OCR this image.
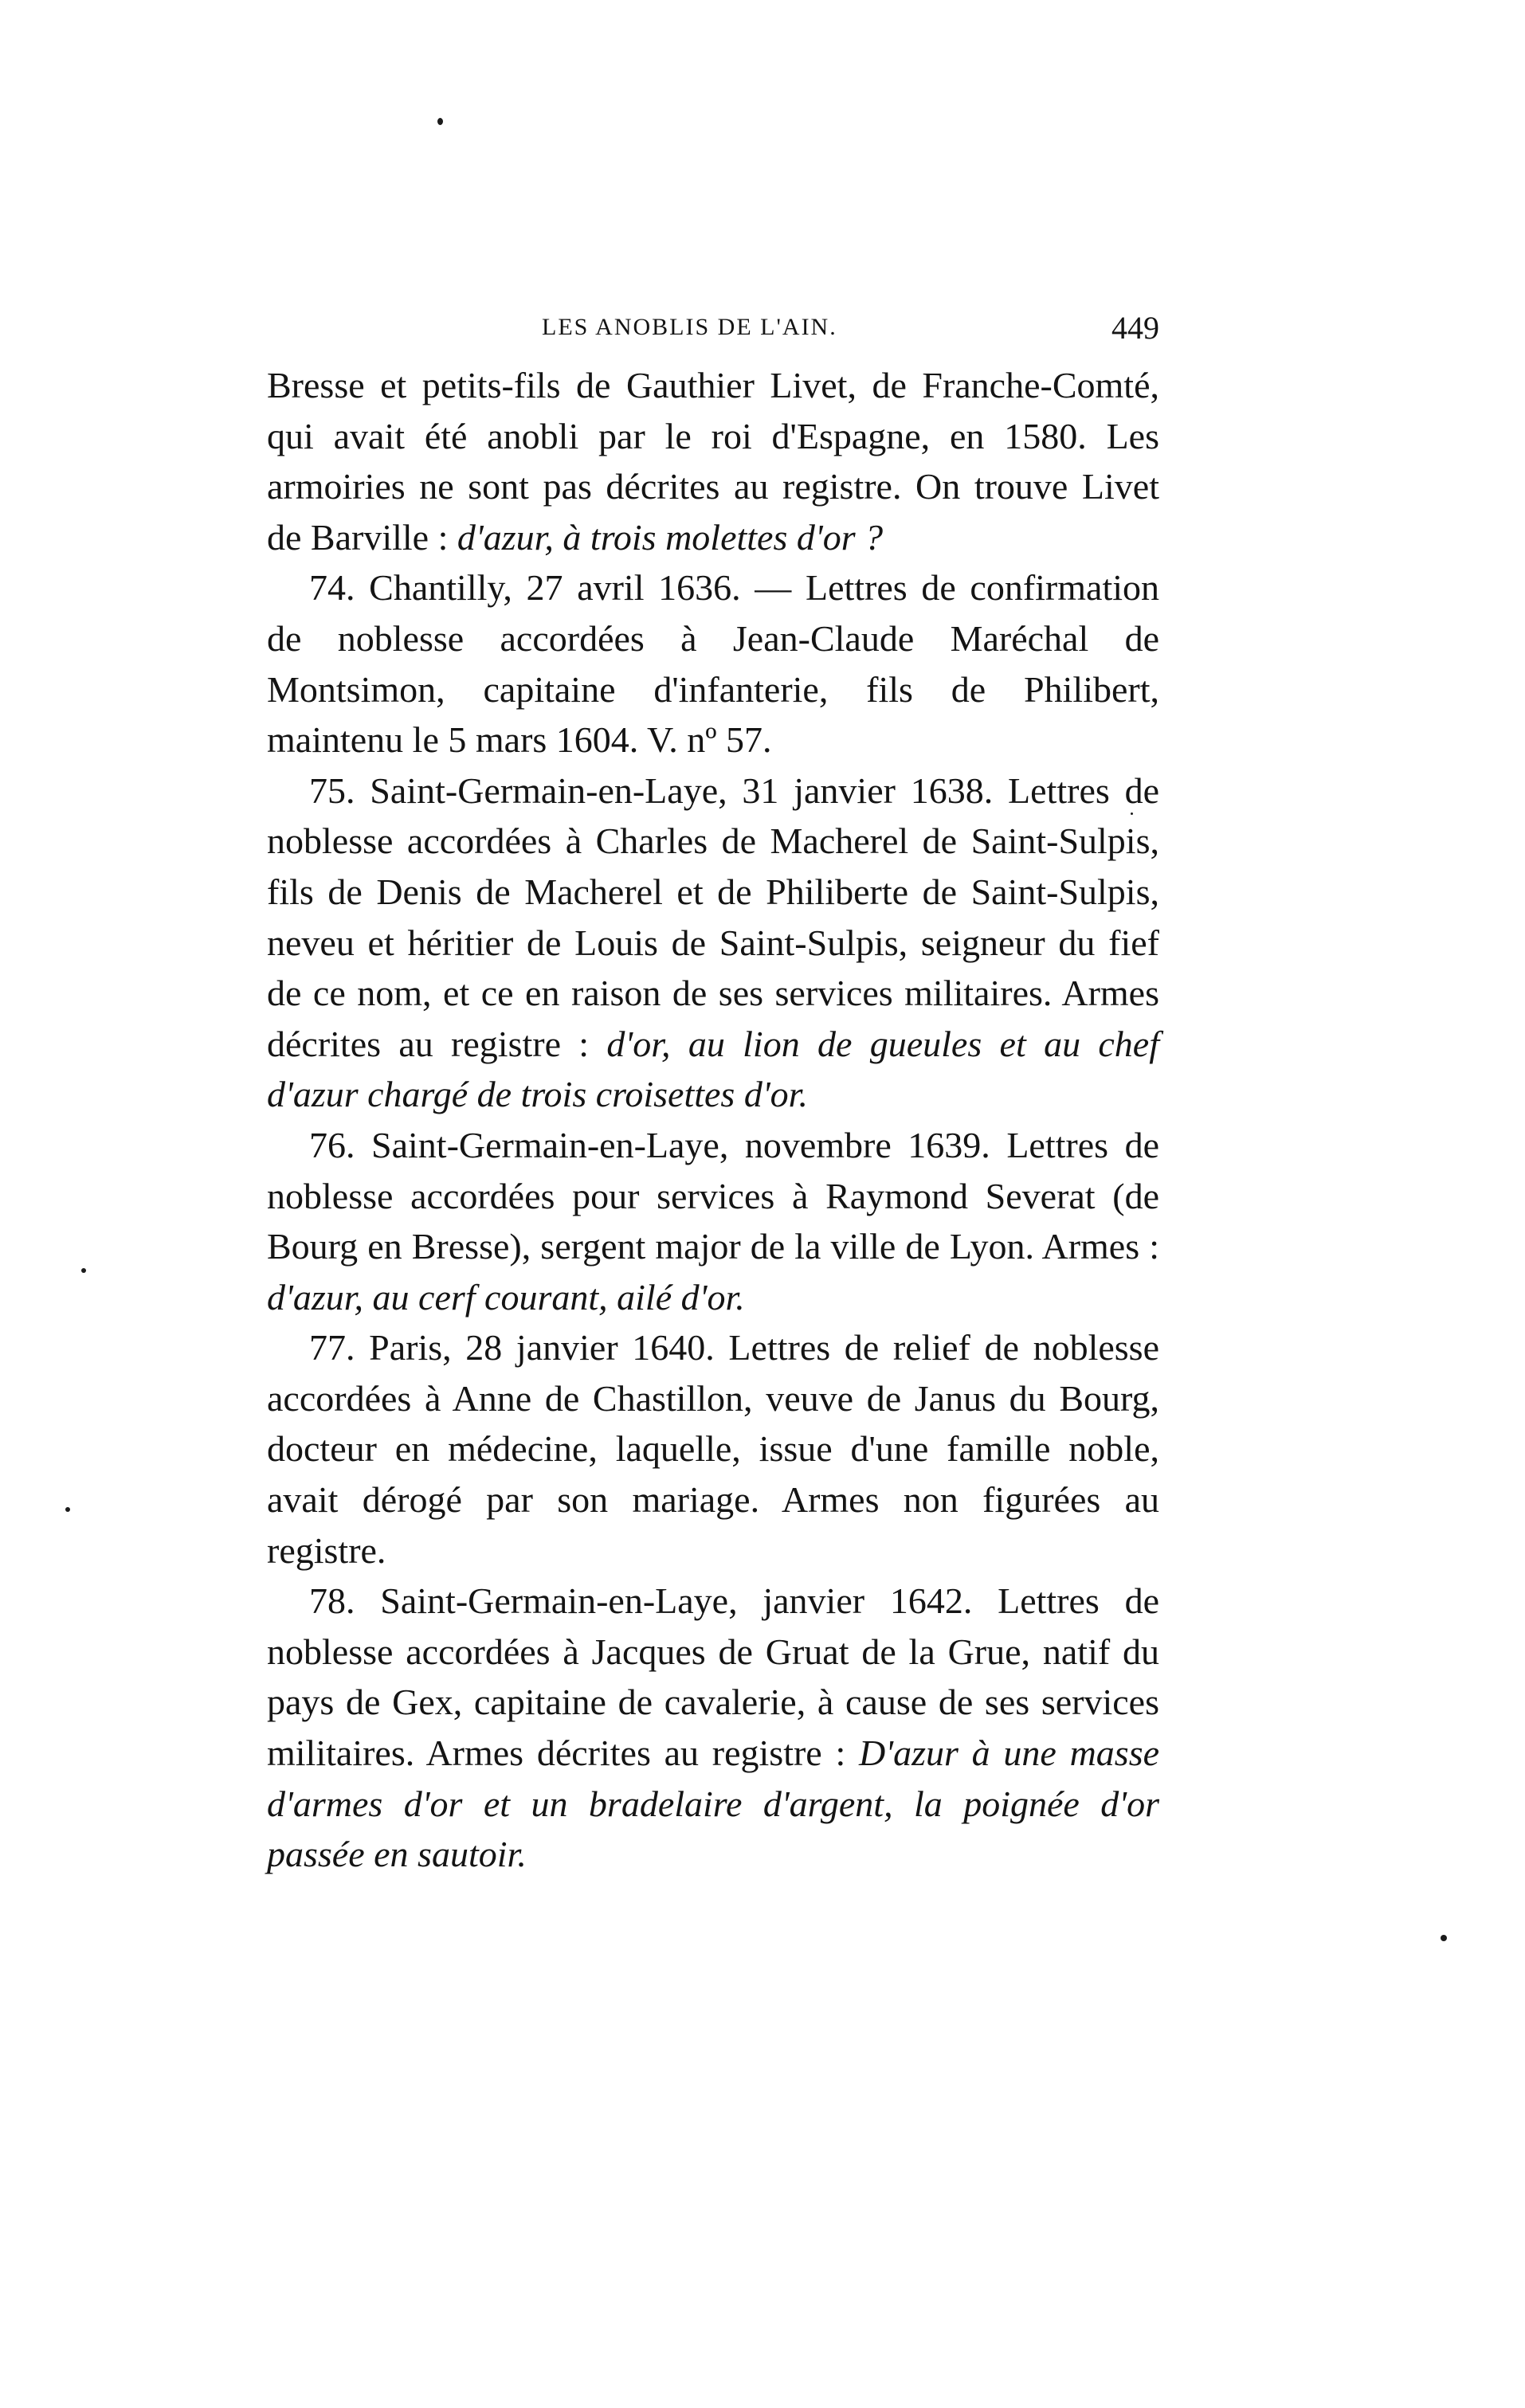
LES ANOBLIS DE L'AIN.	449

Bresse et petits-fils de Gauthier Livet, de Franche-Comté, qui avait été anobli par le roi d'Espagne, en 1580. Les armoiries ne sont pas décrites au registre. On trouve Livet de Barville : d'azur, à trois molettes d'or ?

74. Chantilly, 27 avril 1636. — Lettres de confirmation de noblesse accordées à Jean-Claude Maréchal de Montsimon, capitaine d'infanterie, fils de Philibert, maintenu le 5 mars 1604. V. nº 57.

75. Saint-Germain-en-Laye, 31 janvier 1638. Lettres de noblesse accordées à Charles de Macherel de Saint-Sulpis, fils de Denis de Macherel et de Philiberte de Saint-Sulpis, neveu et héritier de Louis de Saint-Sulpis, seigneur du fief de ce nom, et ce en raison de ses services militaires. Armes décrites au registre : d'or, au lion de gueules et au chef d'azur chargé de trois croisettes d'or.

76. Saint-Germain-en-Laye, novembre 1639. Lettres de noblesse accordées pour services à Raymond Severat (de Bourg en Bresse), sergent major de la ville de Lyon. Armes : d'azur, au cerf courant, ailé d'or.

77. Paris, 28 janvier 1640. Lettres de relief de noblesse accordées à Anne de Chastillon, veuve de Janus du Bourg, docteur en médecine, laquelle, issue d'une famille noble, avait dérogé par son mariage. Armes non figurées au registre.

78. Saint-Germain-en-Laye, janvier 1642. Lettres de noblesse accordées à Jacques de Gruat de la Grue, natif du pays de Gex, capitaine de cavalerie, à cause de ses services militaires. Armes décrites au registre : D'azur à une masse d'armes d'or et un bradelaire d'argent, la poignée d'or passée en sautoir.
